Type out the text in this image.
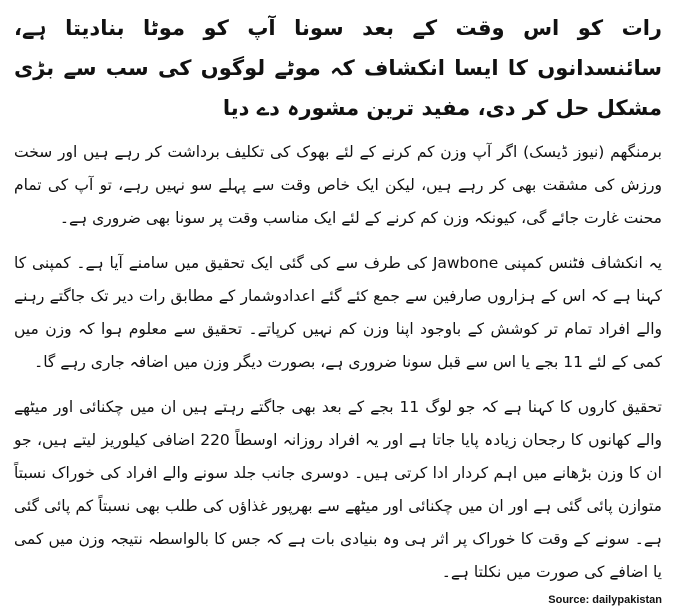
رات کو اس وقت کے بعد سونا آپ کو موٹا بنادیتا ہے، سائنسدانوں کا ایسا انکشاف کہ موٹے لوگوں کی سب سے بڑی مشکل حل کر دی، مفید ترین مشورہ دے دیا
برمنگھم (نیوز ڈیسک) اگر آپ وزن کم کرنے کے لئے بھوک کی تکلیف برداشت کر رہے ہیں اور سخت ورزش کی مشقت بھی کر رہے ہیں، لیکن ایک خاص وقت سے پہلے سو نہیں رہے، تو آپ کی تمام محنت غارت جائے گی، کیونکہ وزن کم کرنے کے لئے ایک مناسب وقت پر سونا بھی ضروری ہے۔
یہ انکشاف فٹنس کمپنی Jawbone کی طرف سے کی گئی ایک تحقیق میں سامنے آیا ہے۔ کمپنی کا کہنا ہے کہ اس کے ہزاروں صارفین سے جمع کئے گئے اعدادوشمار کے مطابق رات دیر تک جاگتے رہنے والے افراد تمام تر کوشش کے باوجود اپنا وزن کم نہیں کرپاتے۔ تحقیق سے معلوم ہوا کہ وزن میں کمی کے لئے 11 بجے یا اس سے قبل سونا ضروری ہے، بصورت دیگر وزن میں اضافہ جاری رہے گا۔
تحقیق کاروں کا کہنا ہے کہ جو لوگ 11 بجے کے بعد بھی جاگتے رہتے ہیں ان میں چکنائی اور میٹھے والے کھانوں کا رجحان زیادہ پایا جاتا ہے اور یہ افراد روزانہ اوسطاً 220 اضافی کیلوریز لیتے ہیں، جو ان کا وزن بڑھانے میں اہم کردار ادا کرتی ہیں۔ دوسری جانب جلد سونے والے افراد کی خوراک نسبتاً متوازن پائی گئی ہے اور ان میں چکنائی اور میٹھے سے بھرپور غذاؤں کی طلب بھی نسبتاً کم پائی گئی ہے۔ سونے کے وقت کا خوراک پر اثر ہی وہ بنیادی بات ہے کہ جس کا بالواسطہ نتیجہ وزن میں کمی یا اضافے کی صورت میں نکلتا ہے۔
Source: dailypakistan
